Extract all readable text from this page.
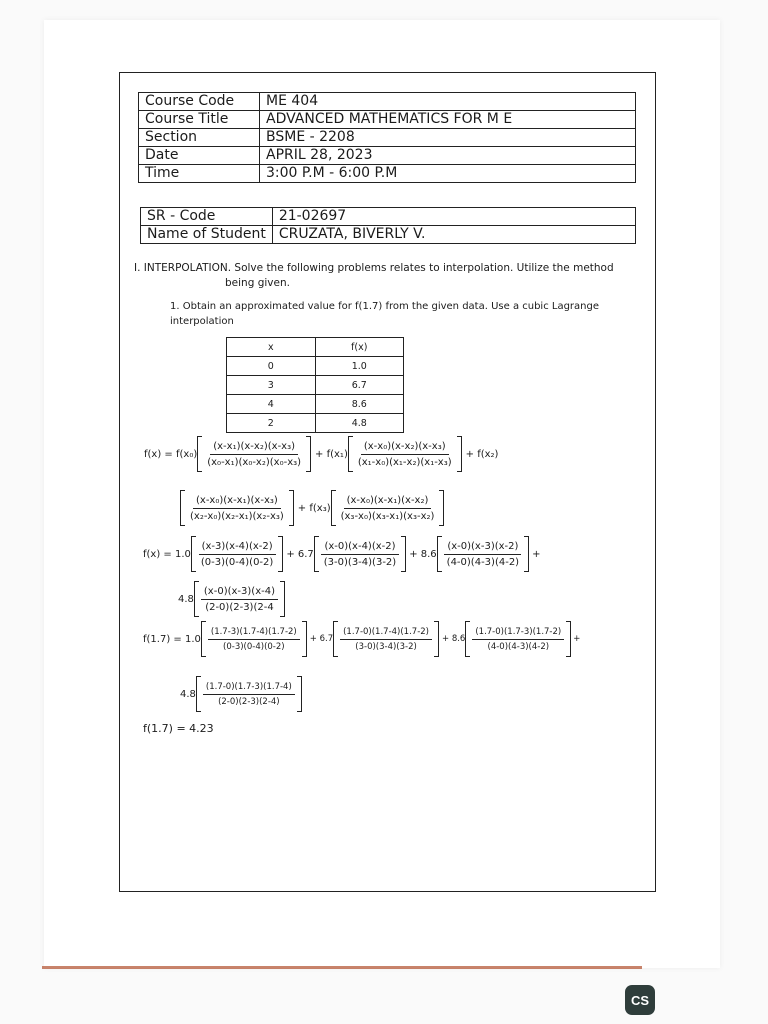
Course Code	ME 404
Course Title	ADVANCED MATHEMATICS FOR M E
Section	BSME - 2208
Date	APRIL 28, 2023
Time	3:00 P.M - 6:00 P.M
SR - Code	21-02697
Name of Student	CRUZATA, BIVERLY V.
I. INTERPOLATION. Solve the following problems relates to interpolation. Utilize the method
being given.
1. Obtain an approximated value for f(1.7) from the given data. Use a cubic Lagrange
interpolation
x	f(x)
0	1.0
3	6.7
4	8.6
2	4.8
$f(x) = f(x_0) \frac{\text{(x-x₁)(x-x₂)(x-x₃)}}{\text{(x₀-x₁)(x₀-x₂)(x₀-x₃)}} + f(x_1) \frac{\text{(x-x₀)(x-x₂)(x-x₃)}}{\text{(x₁-x₀)(x₁-x₂)(x₁-x₃)}} + f(x_2)$
$\frac{\text{(x-x₀)(x-x₁)(x-x₃)}}{\text{(x₂-x₀)(x₂-x₁)(x₂-x₃)}} + f(x_3) \frac{\text{(x-x₀)(x-x₁)(x-x₂)}}{\text{(x₃-x₀)(x₃-x₁)(x₃-x₂)}}$
$f(x) = 1.0 \frac{(x-3)(x-4)(x-2)}{(0-3)(0-4)(0-2)} + 6.7 \frac{(x-0)(x-4)(x-2)}{(3-0)(3-4)(3-2)} + 8.6 \frac{(x-0)(x-3)(x-2)}{(4-0)(4-3)(4-2)}$ +
$4.8 \frac{(x-0)(x-3)(x-4)}{(2-0)(2-3)(2-4}$
$f(1.7) = 1.0 \frac{(1.7-3)(1.7-4)(1.7-2)}{(0-3)(0-4)(0-2)} + 6.7 \frac{(1.7-0)(1.7-4)(1.7-2)}{(3-0)(3-4)(3-2)} + 8.6 \frac{(1.7-0)(1.7-3)(1.7-2)}{(4-0)(4-3)(4-2)}$ +
$4.8 \frac{(1.7-0)(1.7-3)(1.7-4)}{(2-0)(2-3)(2-4)}$
f(1.7) = 4.23
CS
